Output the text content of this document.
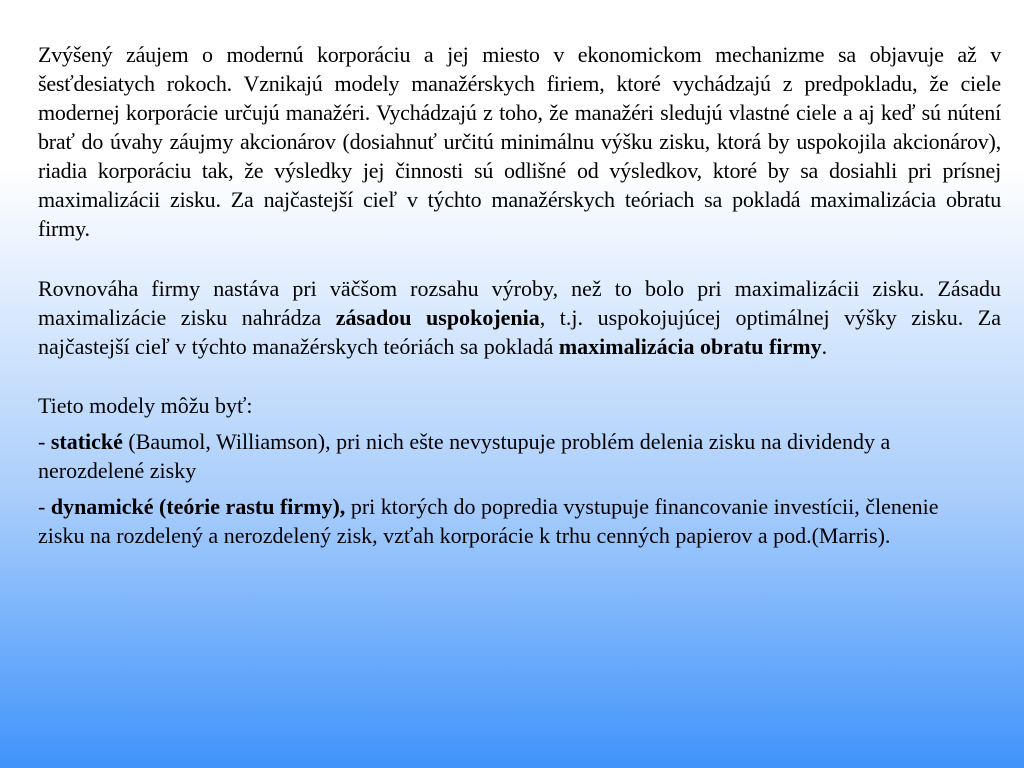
Zvýšený záujem o modernú korporáciu a jej miesto v ekonomickom mechanizme sa objavuje až v šesťdesiatych rokoch. Vznikajú modely manažérskych firiem, ktoré vychádzajú z predpokladu, že ciele modernej korporácie určujú manažéri. Vychádzajú z toho, že manažéri sledujú vlastné ciele a aj keď sú nútení brať do úvahy záujmy akcionárov (dosiahnuť určitú minimálnu výšku zisku, ktorá by uspokojila akcionárov), riadia korporáciu tak, že výsledky jej činnosti sú odlišné od výsledkov, ktoré by sa dosiahli pri prísnej maximalizácii zisku. Za najčastejší cieľ v týchto manažérskych teóriach sa pokladá maximalizácia obratu firmy.

Rovnováha firmy nastáva pri väčšom rozsahu výroby, než to bolo pri maximalizácii zisku. Zásadu maximalizácie zisku nahrádza zásadou uspokojenia, t.j. uspokojujúcej optimálnej výšky zisku. Za najčastejší cieľ v týchto manažérskych teóriách sa pokladá maximalizácia obratu firmy.

Tieto modely môžu byť:

- statické (Baumol, Williamson), pri nich ešte nevystupuje problém delenia zisku na dividendy a nerozdelené zisky

- dynamické (teórie rastu firmy), pri ktorých do popredia vystupuje financovanie investícii, členenie zisku na rozdelený a nerozdelený zisk, vzťah korporácie k trhu cenných papierov a pod.(Marris).
